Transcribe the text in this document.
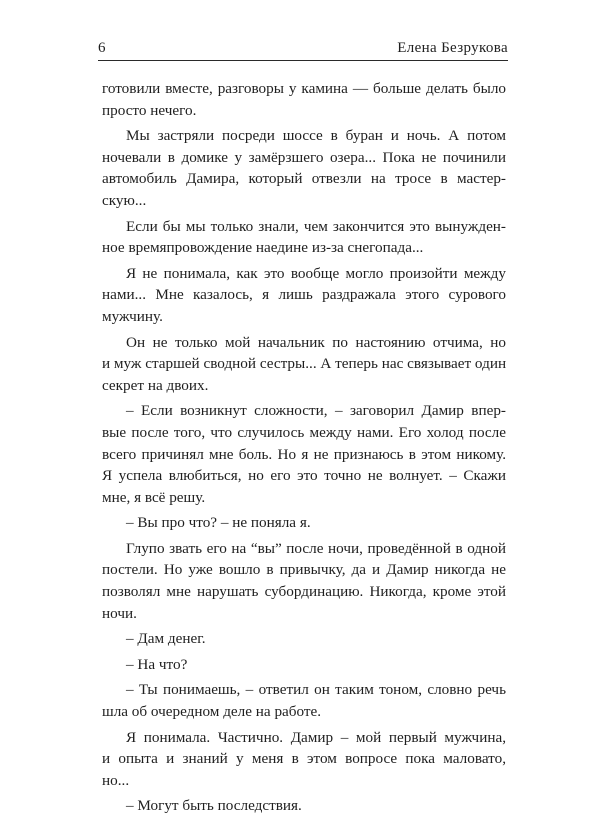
6	Елена Безрукова
готовили вместе, разговоры у камина — больше делать было
просто нечего.
Мы застряли посреди шоссе в буран и ночь. А потом
ночевали в домике у замёрзшего озера... Пока не починили
автомобиль Дамира, который отвезли на тросе в мастер-
скую...
Если бы мы только знали, чем закончится это вынужден-
ное времяпровождение наедине из-за снегопада...
Я не понимала, как это вообще могло произойти между
нами... Мне казалось, я лишь раздражала этого сурового
мужчину.
Он не только мой начальник по настоянию отчима, но
и муж старшей сводной сестры... А теперь нас связывает один
секрет на двоих.
– Если возникнут сложности, – заговорил Дамир впер-
вые после того, что случилось между нами. Его холод после
всего причинял мне боль. Но я не признаюсь в этом никому.
Я успела влюбиться, но его это точно не волнует. – Скажи
мне, я всё решу.
– Вы про что? – не поняла я.
Глупо звать его на “вы” после ночи, проведённой в одной
постели. Но уже вошло в привычку, да и Дамир никогда не
позволял мне нарушать субординацию. Никогда, кроме этой
ночи.
– Дам денег.
– На что?
– Ты понимаешь, – ответил он таким тоном, словно речь
шла об очередном деле на работе.
Я понимала. Частично. Дамир – мой первый мужчина,
и опыта и знаний у меня в этом вопросе пока маловато,
но...
– Могут быть последствия.
